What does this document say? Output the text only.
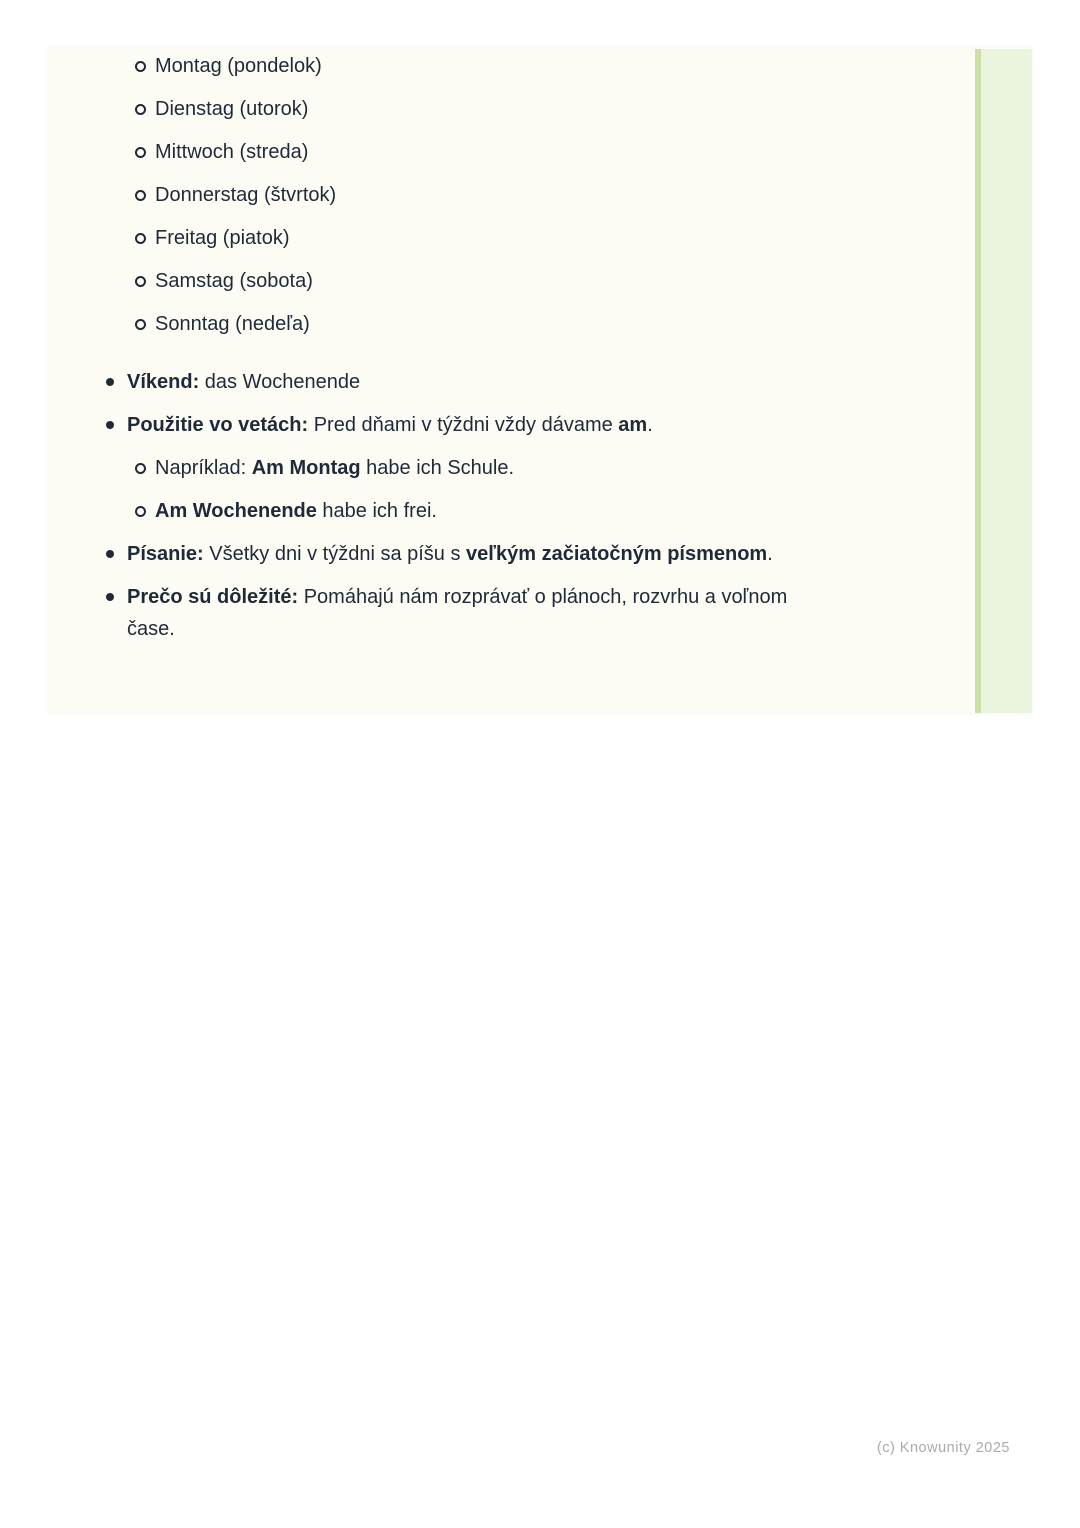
Montag (pondelok)
Dienstag (utorok)
Mittwoch (streda)
Donnerstag (štvrtok)
Freitag (piatok)
Samstag (sobota)
Sonntag (nedeľa)
Víkend: das Wochenende
Použitie vo vetách: Pred dňami v týždni vždy dávame am.
Napríklad: Am Montag habe ich Schule.
Am Wochenende habe ich frei.
Písanie: Všetky dni v týždni sa píšu s veľkým začiatočným písmenom.
Prečo sú dôležité: Pomáhajú nám rozprávať o plánoch, rozvrhu a voľnom
čase.
(c) Knowunity 2025
